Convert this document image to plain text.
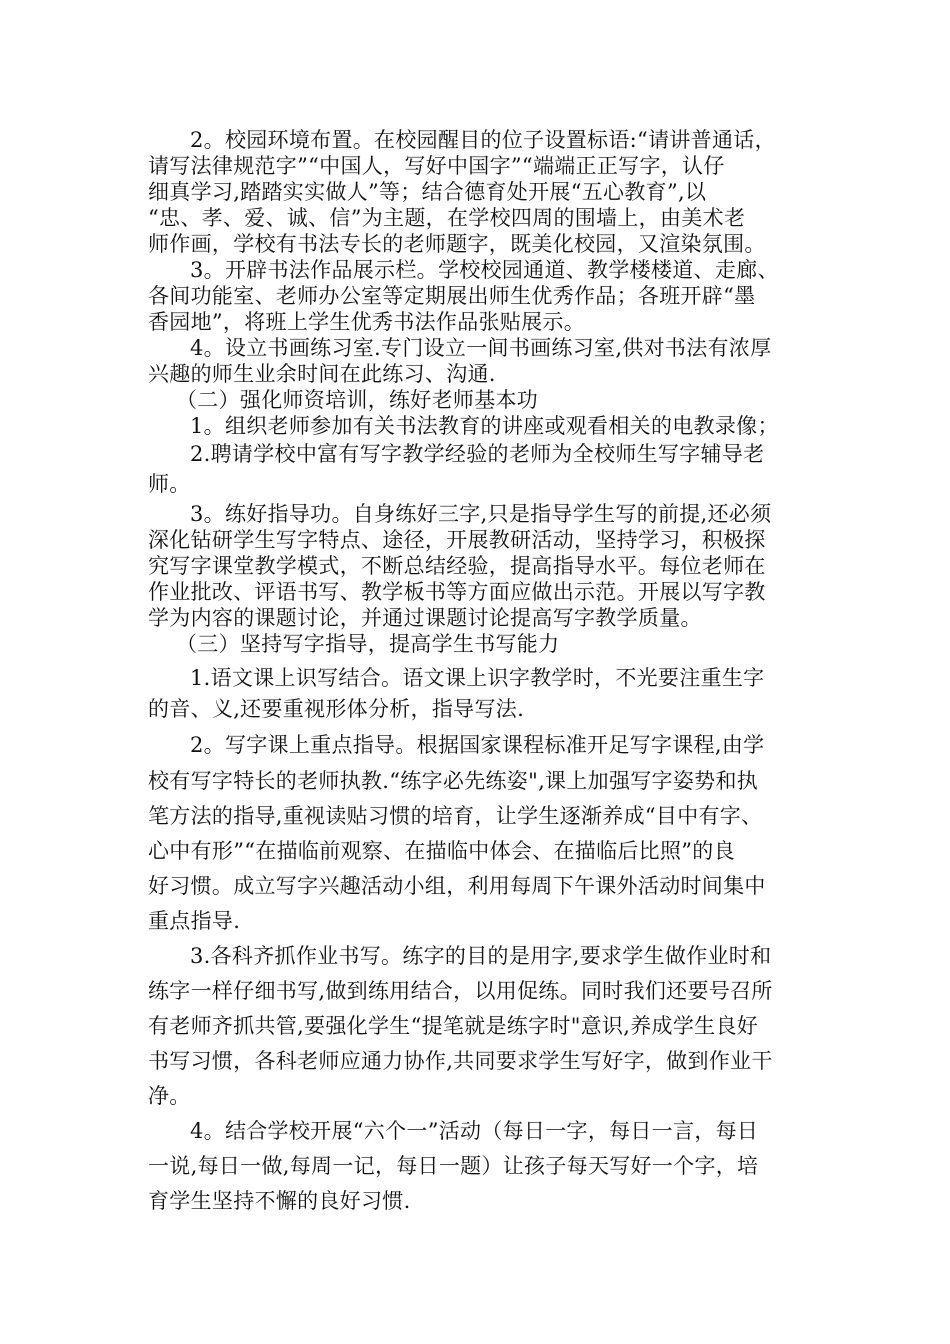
2。校园环境布置。在校园醒目的位子设置标语:“请讲普通话，
请写法律规范字”“中国人，写好中国字”“端端正正写字，认仔
细真学习,踏踏实实做人”等；结合德育处开展“五心教育”,以
“忠、孝、爱、诚、信”为主题，在学校四周的围墙上，由美术老
师作画，学校有书法专长的老师题字，既美化校园，又渲染氛围。
3。开辟书法作品展示栏。学校校园通道、教学楼楼道、走廊、
各间功能室、老师办公室等定期展出师生优秀作品；各班开辟“墨
香园地”，将班上学生优秀书法作品张贴展示。
4。设立书画练习室.专门设立一间书画练习室,供对书法有浓厚
兴趣的师生业余时间在此练习、沟通.
（二）强化师资培训，练好老师基本功
1。组织老师参加有关书法教育的讲座或观看相关的电教录像；
2.聘请学校中富有写字教学经验的老师为全校师生写字辅导老
师。
3。练好指导功。自身练好三字,只是指导学生写的前提,还必须
深化钻研学生写字特点、途径，开展教研活动，坚持学习，积极探
究写字课堂教学模式，不断总结经验，提高指导水平。每位老师在
作业批改、评语书写、教学板书等方面应做出示范。开展以写字教
学为内容的课题讨论，并通过课题讨论提高写字教学质量。
（三）坚持写字指导，提高学生书写能力
1.语文课上识写结合。语文课上识字教学时，不光要注重生字
的音、义,还要重视形体分析，指导写法.
2。写字课上重点指导。根据国家课程标准开足写字课程,由学
校有写字特长的老师执教.“练字必先练姿",课上加强写字姿势和执
笔方法的指导,重视读贴习惯的培育，让学生逐渐养成“目中有字、
心中有形”“在描临前观察、在描临中体会、在描临后比照”的良
好习惯。成立写字兴趣活动小组，利用每周下午课外活动时间集中
重点指导.
3.各科齐抓作业书写。练字的目的是用字,要求学生做作业时和
练字一样仔细书写,做到练用结合，以用促练。同时我们还要号召所
有老师齐抓共管,要强化学生“提笔就是练字时"意识,养成学生良好
书写习惯，各科老师应通力协作,共同要求学生写好字，做到作业干
净。
4。结合学校开展“六个一”活动（每日一字，每日一言，每日
一说,每日一做,每周一记，每日一题）让孩子每天写好一个字，培
育学生坚持不懈的良好习惯.
